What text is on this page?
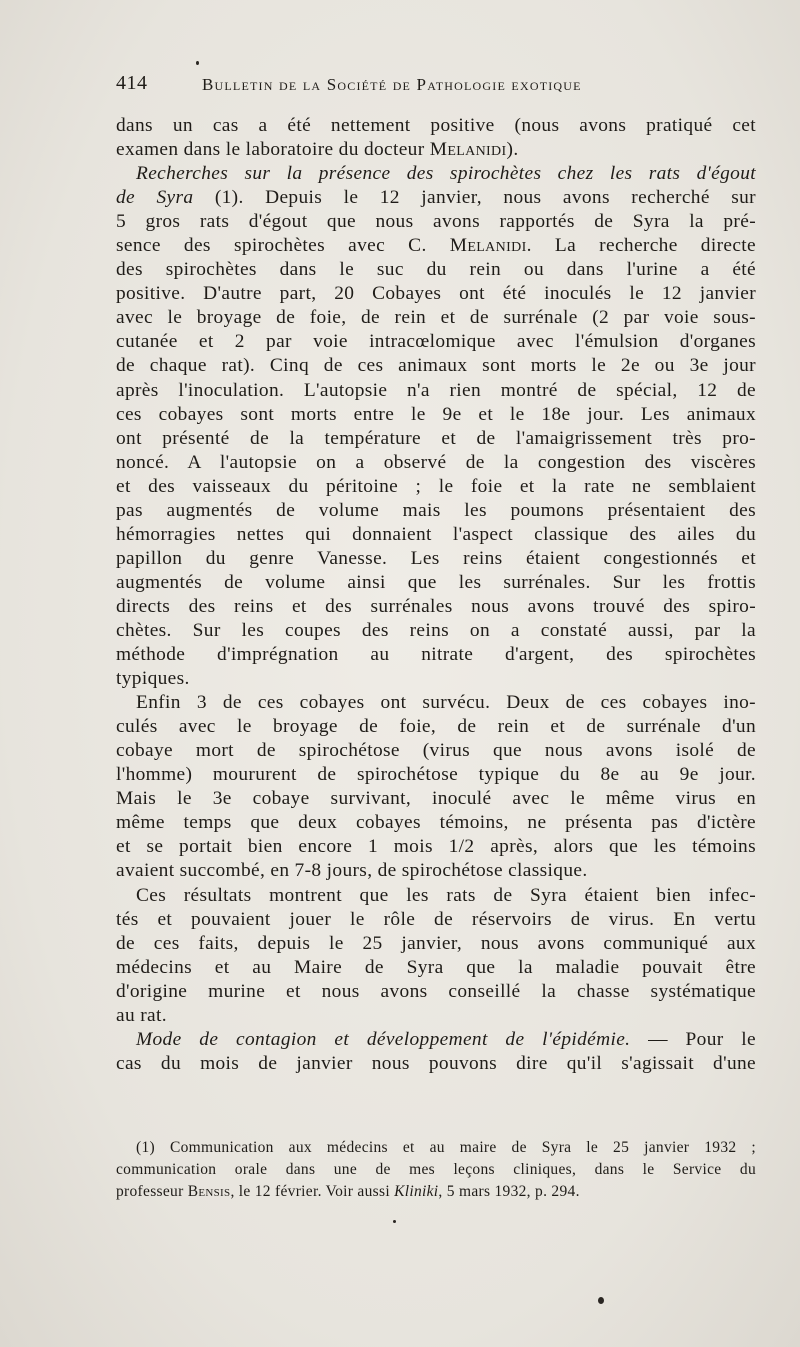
414	Bulletin de la Société de Pathologie exotique
dans un cas a été nettement positive (nous avons pratiqué cet
examen dans le laboratoire du docteur Melanidi).
Recherches sur la présence des spirochètes chez les rats d'égout
de Syra (1). Depuis le 12 janvier, nous avons recherché sur
5 gros rats d'égout que nous avons rapportés de Syra la pré-
sence des spirochètes avec C. Melanidi. La recherche directe
des spirochètes dans le suc du rein ou dans l'urine a été
positive. D'autre part, 20 Cobayes ont été inoculés le 12 janvier
avec le broyage de foie, de rein et de surrénale (2 par voie sous-
cutanée et 2 par voie intracœlomique avec l'émulsion d'organes
de chaque rat). Cinq de ces animaux sont morts le 2e ou 3e jour
après l'inoculation. L'autopsie n'a rien montré de spécial, 12 de
ces cobayes sont morts entre le 9e et le 18e jour. Les animaux
ont présenté de la température et de l'amaigrissement très pro-
noncé. A l'autopsie on a observé de la congestion des viscères
et des vaisseaux du péritoine ; le foie et la rate ne semblaient
pas augmentés de volume mais les poumons présentaient des
hémorragies nettes qui donnaient l'aspect classique des ailes du
papillon du genre Vanesse. Les reins étaient congestionnés et
augmentés de volume ainsi que les surrénales. Sur les frottis
directs des reins et des surrénales nous avons trouvé des spiro-
chètes. Sur les coupes des reins on a constaté aussi, par la
méthode d'imprégnation au nitrate d'argent, des spirochètes
typiques.
Enfin 3 de ces cobayes ont survécu. Deux de ces cobayes ino-
culés avec le broyage de foie, de rein et de surrénale d'un
cobaye mort de spirochétose (virus que nous avons isolé de
l'homme) moururent de spirochétose typique du 8e au 9e jour.
Mais le 3e cobaye survivant, inoculé avec le même virus en
même temps que deux cobayes témoins, ne présenta pas d'ictère
et se portait bien encore 1 mois 1/2 après, alors que les témoins
avaient succombé, en 7-8 jours, de spirochétose classique.
Ces résultats montrent que les rats de Syra étaient bien infec-
tés et pouvaient jouer le rôle de réservoirs de virus. En vertu
de ces faits, depuis le 25 janvier, nous avons communiqué aux
médecins et au Maire de Syra que la maladie pouvait être
d'origine murine et nous avons conseillé la chasse systématique
au rat.
Mode de contagion et développement de l'épidémie. — Pour le
cas du mois de janvier nous pouvons dire qu'il s'agissait d'une
(1) Communication aux médecins et au maire de Syra le 25 janvier 1932 ;
communication orale dans une de mes leçons cliniques, dans le Service du
professeur Bensis, le 12 février. Voir aussi Kliniki, 5 mars 1932, p. 294.
